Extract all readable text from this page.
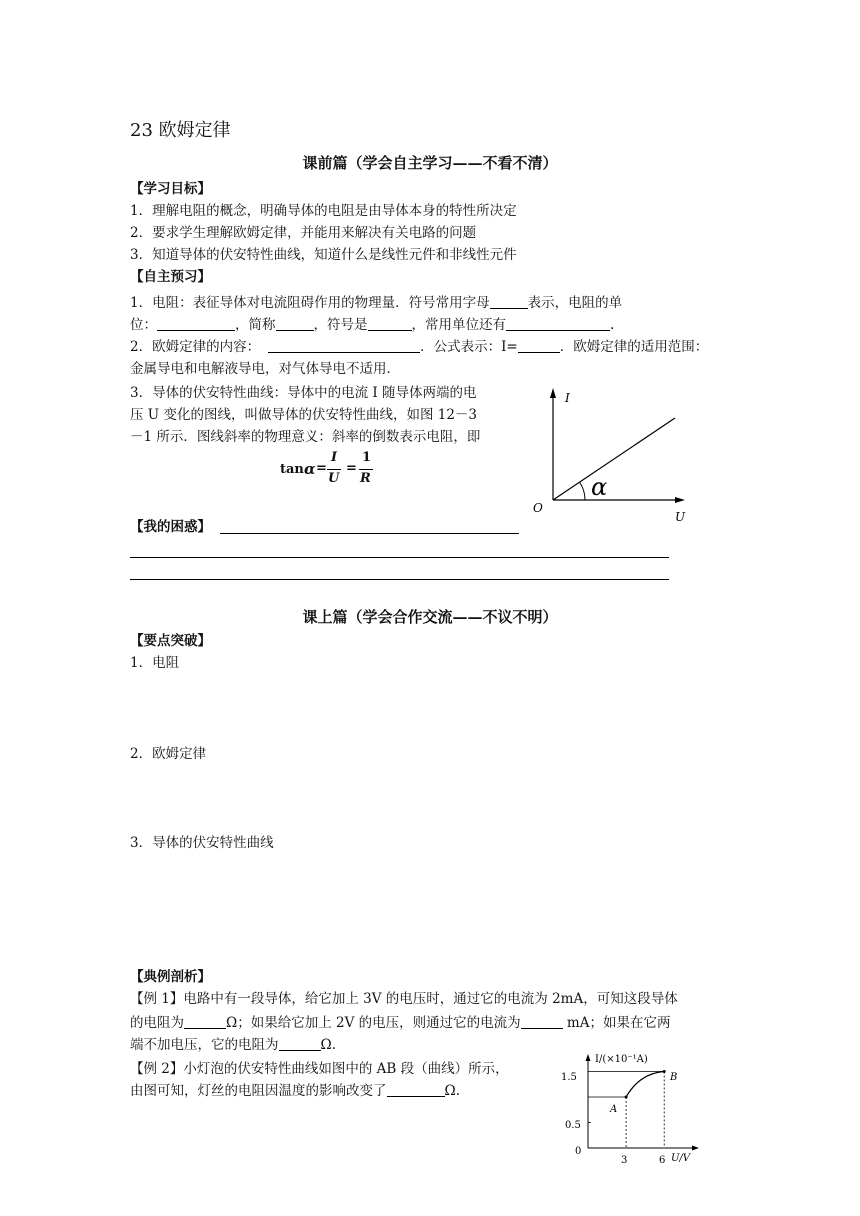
23 欧姆定律
课前篇（学会自主学习——不看不清）
【学习目标】
1．理解电阻的概念，明确导体的电阻是由导体本身的特性所决定
2．要求学生理解欧姆定律，并能用来解决有关电路的问题
3．知道导体的伏安特性曲线，知道什么是线性元件和非线性元件
【自主预习】
1．电阻：表征导体对电流阻碍作用的物理量．符号常用字母	表示，电阻的单
位：	，简称	，符号是	，常用单位还有	.
2．欧姆定律的内容：	．公式表示：I=	．欧姆定律的适用范围：
金属导电和电解液导电，对气体导电不适用．
3．导体的伏安特性曲线：导体中的电流 I 随导体两端的电
压 U 变化的图线，叫做导体的伏安特性曲线，如图 12－3
－1 所示．图线斜率的物理意义：斜率的倒数表示电阻，即
tan α =
I
U
=
1
R
I
U
O
α
【我的困惑】
课上篇（学会合作交流——不议不明）
【要点突破】
1．电阻
2．欧姆定律
3．导体的伏安特性曲线
【典例剖析】
【例 1】电路中有一段导体，给它加上 3V 的电压时，通过它的电流为 2mA，可知这段导体
的电阻为	Ω；如果给它加上 2V 的电压，则通过它的电流为	mA；如果在它两
端不加电压，它的电阻为	Ω.
【例 2】小灯泡的伏安特性曲线如图中的 AB 段（曲线）所示，
由图可知，灯丝的电阻因温度的影响改变了	Ω.
I/(×10⁻¹A)
U/V
1.5
0.5
0
3	6
A
B
